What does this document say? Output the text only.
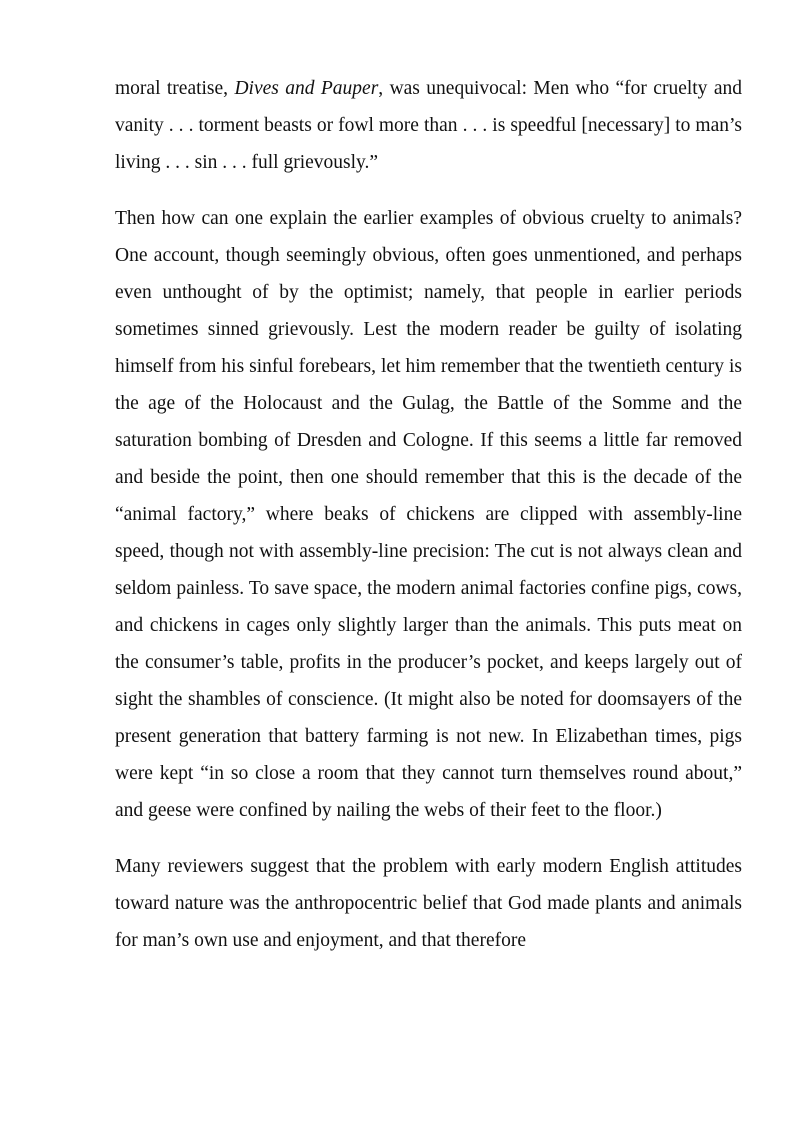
moral treatise, Dives and Pauper, was unequivocal: Men who “for cruelty and vanity . . . torment beasts or fowl more than . . . is speedful [necessary] to man’s living . . . sin . . . full grievously.”

Then how can one explain the earlier examples of obvious cruelty to animals? One account, though seemingly obvious, often goes unmentioned, and perhaps even unthought of by the optimist; namely, that people in earlier periods sometimes sinned grievously. Lest the modern reader be guilty of isolating himself from his sinful forebears, let him remember that the twentieth century is the age of the Holocaust and the Gulag, the Battle of the Somme and the saturation bombing of Dresden and Cologne. If this seems a little far removed and beside the point, then one should remember that this is the decade of the “animal factory,” where beaks of chickens are clipped with assembly-line speed, though not with assembly-line precision: The cut is not always clean and seldom painless. To save space, the modern animal factories confine pigs, cows, and chickens in cages only slightly larger than the animals. This puts meat on the consumer’s table, profits in the producer’s pocket, and keeps largely out of sight the shambles of conscience. (It might also be noted for doomsayers of the present generation that battery farming is not new. In Elizabethan times, pigs were kept “in so close a room that they cannot turn themselves round about,” and geese were confined by nailing the webs of their feet to the floor.)

Many reviewers suggest that the problem with early modern English attitudes toward nature was the anthropocentric belief that God made plants and animals for man’s own use and enjoyment, and that therefore
